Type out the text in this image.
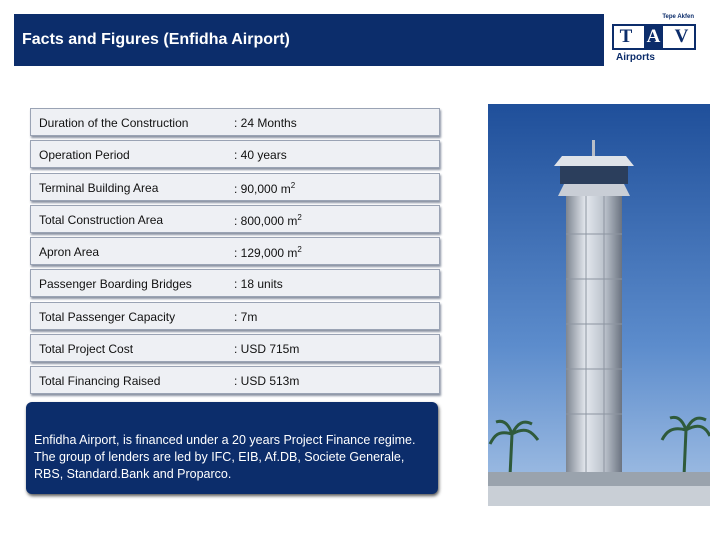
Facts and Figures (Enfidha Airport)
Tepe Akfen
T A V
Airports
Duration of the Construction	: 24 Months
Operation Period	: 40 years
Terminal Building Area	: 90,000 $m^2$
Total Construction Area	: 800,000 $m^2$
Apron Area	: 129,000 $m^2$
Passenger Boarding Bridges	: 18 units
Total Passenger Capacity	: 7m
Total Project Cost	: USD 715m
Total Financing Raised	: USD 513m
Enfidha Airport, is financed under a 20 years Project Finance regime. The group of lenders are led by IFC, EIB, Af.DB, Societe Generale, RBS, Standard.Bank and Proparco.
